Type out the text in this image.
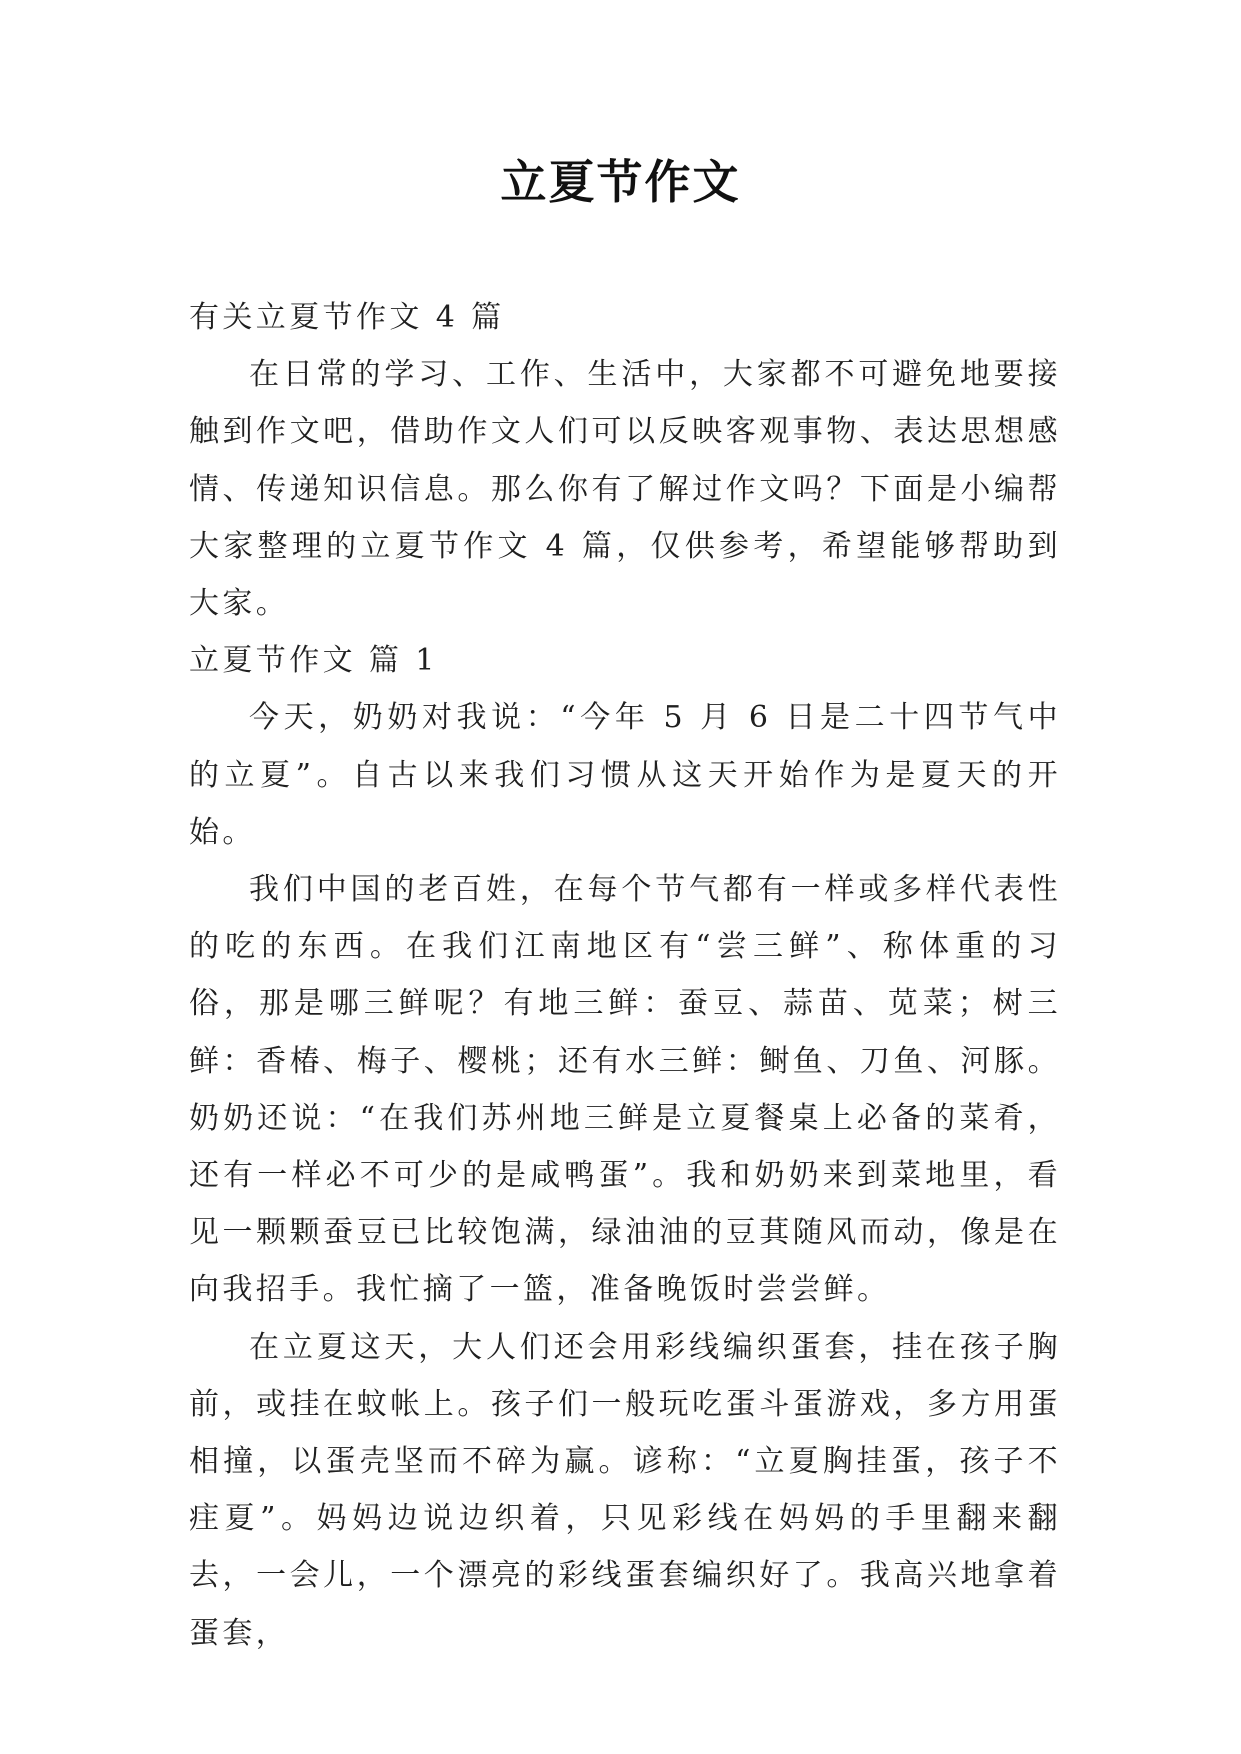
立夏节作文

有关立夏节作文 4 篇

在日常的学习、工作、生活中，大家都不可避免地要接触到作文吧，借助作文人们可以反映客观事物、表达思想感情、传递知识信息。那么你有了解过作文吗？下面是小编帮大家整理的立夏节作文 4 篇，仅供参考，希望能够帮助到大家。

立夏节作文 篇 1

今天，奶奶对我说：“今年 5 月 6 日是二十四节气中的立夏”。自古以来我们习惯从这天开始作为是夏天的开始。

我们中国的老百姓，在每个节气都有一样或多样代表性的吃的东西。在我们江南地区有“尝三鲜”、称体重的习俗，那是哪三鲜呢？有地三鲜：蚕豆、蒜苗、苋菜；树三鲜：香椿、梅子、樱桃；还有水三鲜：鲥鱼、刀鱼、河豚。奶奶还说：“在我们苏州地三鲜是立夏餐桌上必备的菜肴，还有一样必不可少的是咸鸭蛋”。我和奶奶来到菜地里，看见一颗颗蚕豆已比较饱满，绿油油的豆萁随风而动，像是在向我招手。我忙摘了一篮，准备晚饭时尝尝鲜。

在立夏这天，大人们还会用彩线编织蛋套，挂在孩子胸前，或挂在蚊帐上。孩子们一般玩吃蛋斗蛋游戏，多方用蛋相撞，以蛋壳坚而不碎为赢。谚称：“立夏胸挂蛋，孩子不疰夏”。妈妈边说边织着，只见彩线在妈妈的手里翻来翻去，一会儿，一个漂亮的彩线蛋套编织好了。我高兴地拿着蛋套，
